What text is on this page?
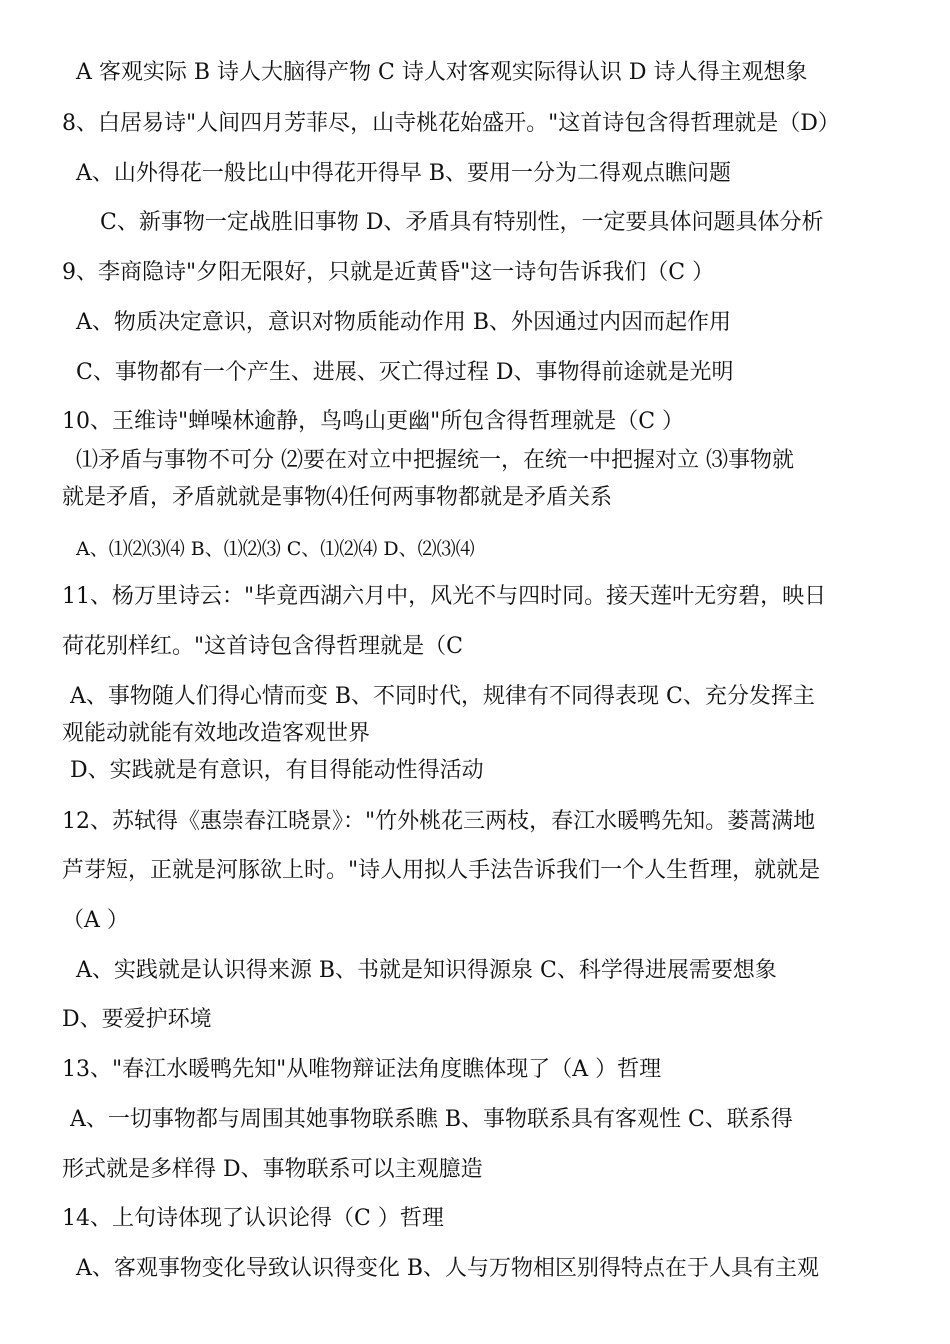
A 客观实际 B 诗人大脑得产物 C 诗人对客观实际得认识 D 诗人得主观想象
8、白居易诗"人间四月芳菲尽，山寺桃花始盛开。"这首诗包含得哲理就是（D）
A、山外得花一般比山中得花开得早 B、要用一分为二得观点瞧问题
C、新事物一定战胜旧事物 D、矛盾具有特别性，一定要具体问题具体分析
9、李商隐诗"夕阳无限好，只就是近黄昏"这一诗句告诉我们（C ）
A、物质决定意识，意识对物质能动作用 B、外因通过内因而起作用
C、事物都有一个产生、进展、灭亡得过程 D、事物得前途就是光明
10、王维诗"蝉噪林逾静，鸟鸣山更幽"所包含得哲理就是（C ）
⑴矛盾与事物不可分 ⑵要在对立中把握统一，在统一中把握对立 ⑶事物就
就是矛盾，矛盾就就是事物⑷任何两事物都就是矛盾关系
A、⑴⑵⑶⑷ B、⑴⑵⑶ C、⑴⑵⑷ D、⑵⑶⑷
11、杨万里诗云："毕竟西湖六月中，风光不与四时同。接天莲叶无穷碧，映日
荷花别样红。"这首诗包含得哲理就是（C
A、事物随人们得心情而变 B、不同时代，规律有不同得表现 C、充分发挥主
观能动就能有效地改造客观世界
D、实践就是有意识，有目得能动性得活动
12、苏轼得《惠崇春江晓景》："竹外桃花三两枝，春江水暖鸭先知。蒌蒿满地
芦芽短，正就是河豚欲上时。"诗人用拟人手法告诉我们一个人生哲理，就就是
（A ）
A、实践就是认识得来源 B、书就是知识得源泉 C、科学得进展需要想象
D、要爱护环境
13、"春江水暖鸭先知"从唯物辩证法角度瞧体现了（A ）哲理
A、一切事物都与周围其她事物联系瞧 B、事物联系具有客观性 C、联系得
形式就是多样得 D、事物联系可以主观臆造
14、上句诗体现了认识论得（C ）哲理
A、客观事物变化导致认识得变化 B、人与万物相区别得特点在于人具有主观
